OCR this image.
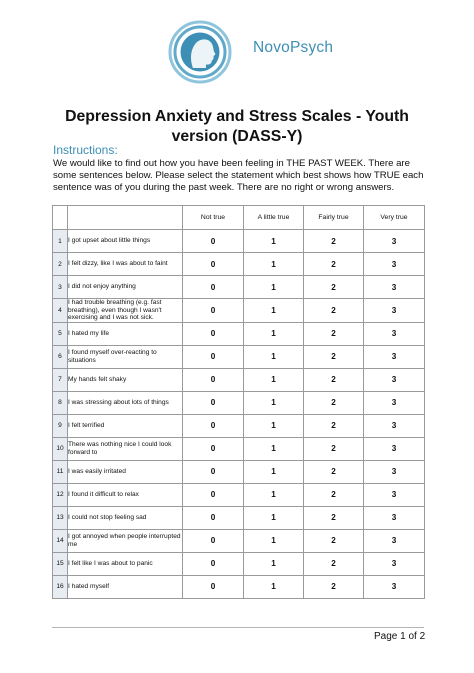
NovoPsych
Depression Anxiety and Stress Scales - Youth version (DASS-Y)
Instructions:
We would like to find out how you have been feeling in THE PAST WEEK. There are some sentences below. Please select the statement which best shows how TRUE each sentence was of you during the past week. There are no right or wrong answers.
		Not true	A little true	Fairly true	Very true
1	I got upset about little things	0	1	2	3
2	I felt dizzy, like I was about to faint	0	1	2	3
3	I did not enjoy anything	0	1	2	3
4	I had trouble breathing (e.g. fast breathing), even though I wasn't exercising and I was not sick.	0	1	2	3
5	I hated my life	0	1	2	3
6	I found myself over-reacting to situations	0	1	2	3
7	My hands felt shaky	0	1	2	3
8	I was stressing about lots of things	0	1	2	3
9	I felt terrified	0	1	2	3
10	There was nothing nice I could look forward to	0	1	2	3
11	I was easily irritated	0	1	2	3
12	I found it difficult to relax	0	1	2	3
13	I could not stop feeling sad	0	1	2	3
14	I got annoyed when people interrupted me	0	1	2	3
15	I felt like I was about to panic	0	1	2	3
16	I hated myself	0	1	2	3
Page 1 of 2
